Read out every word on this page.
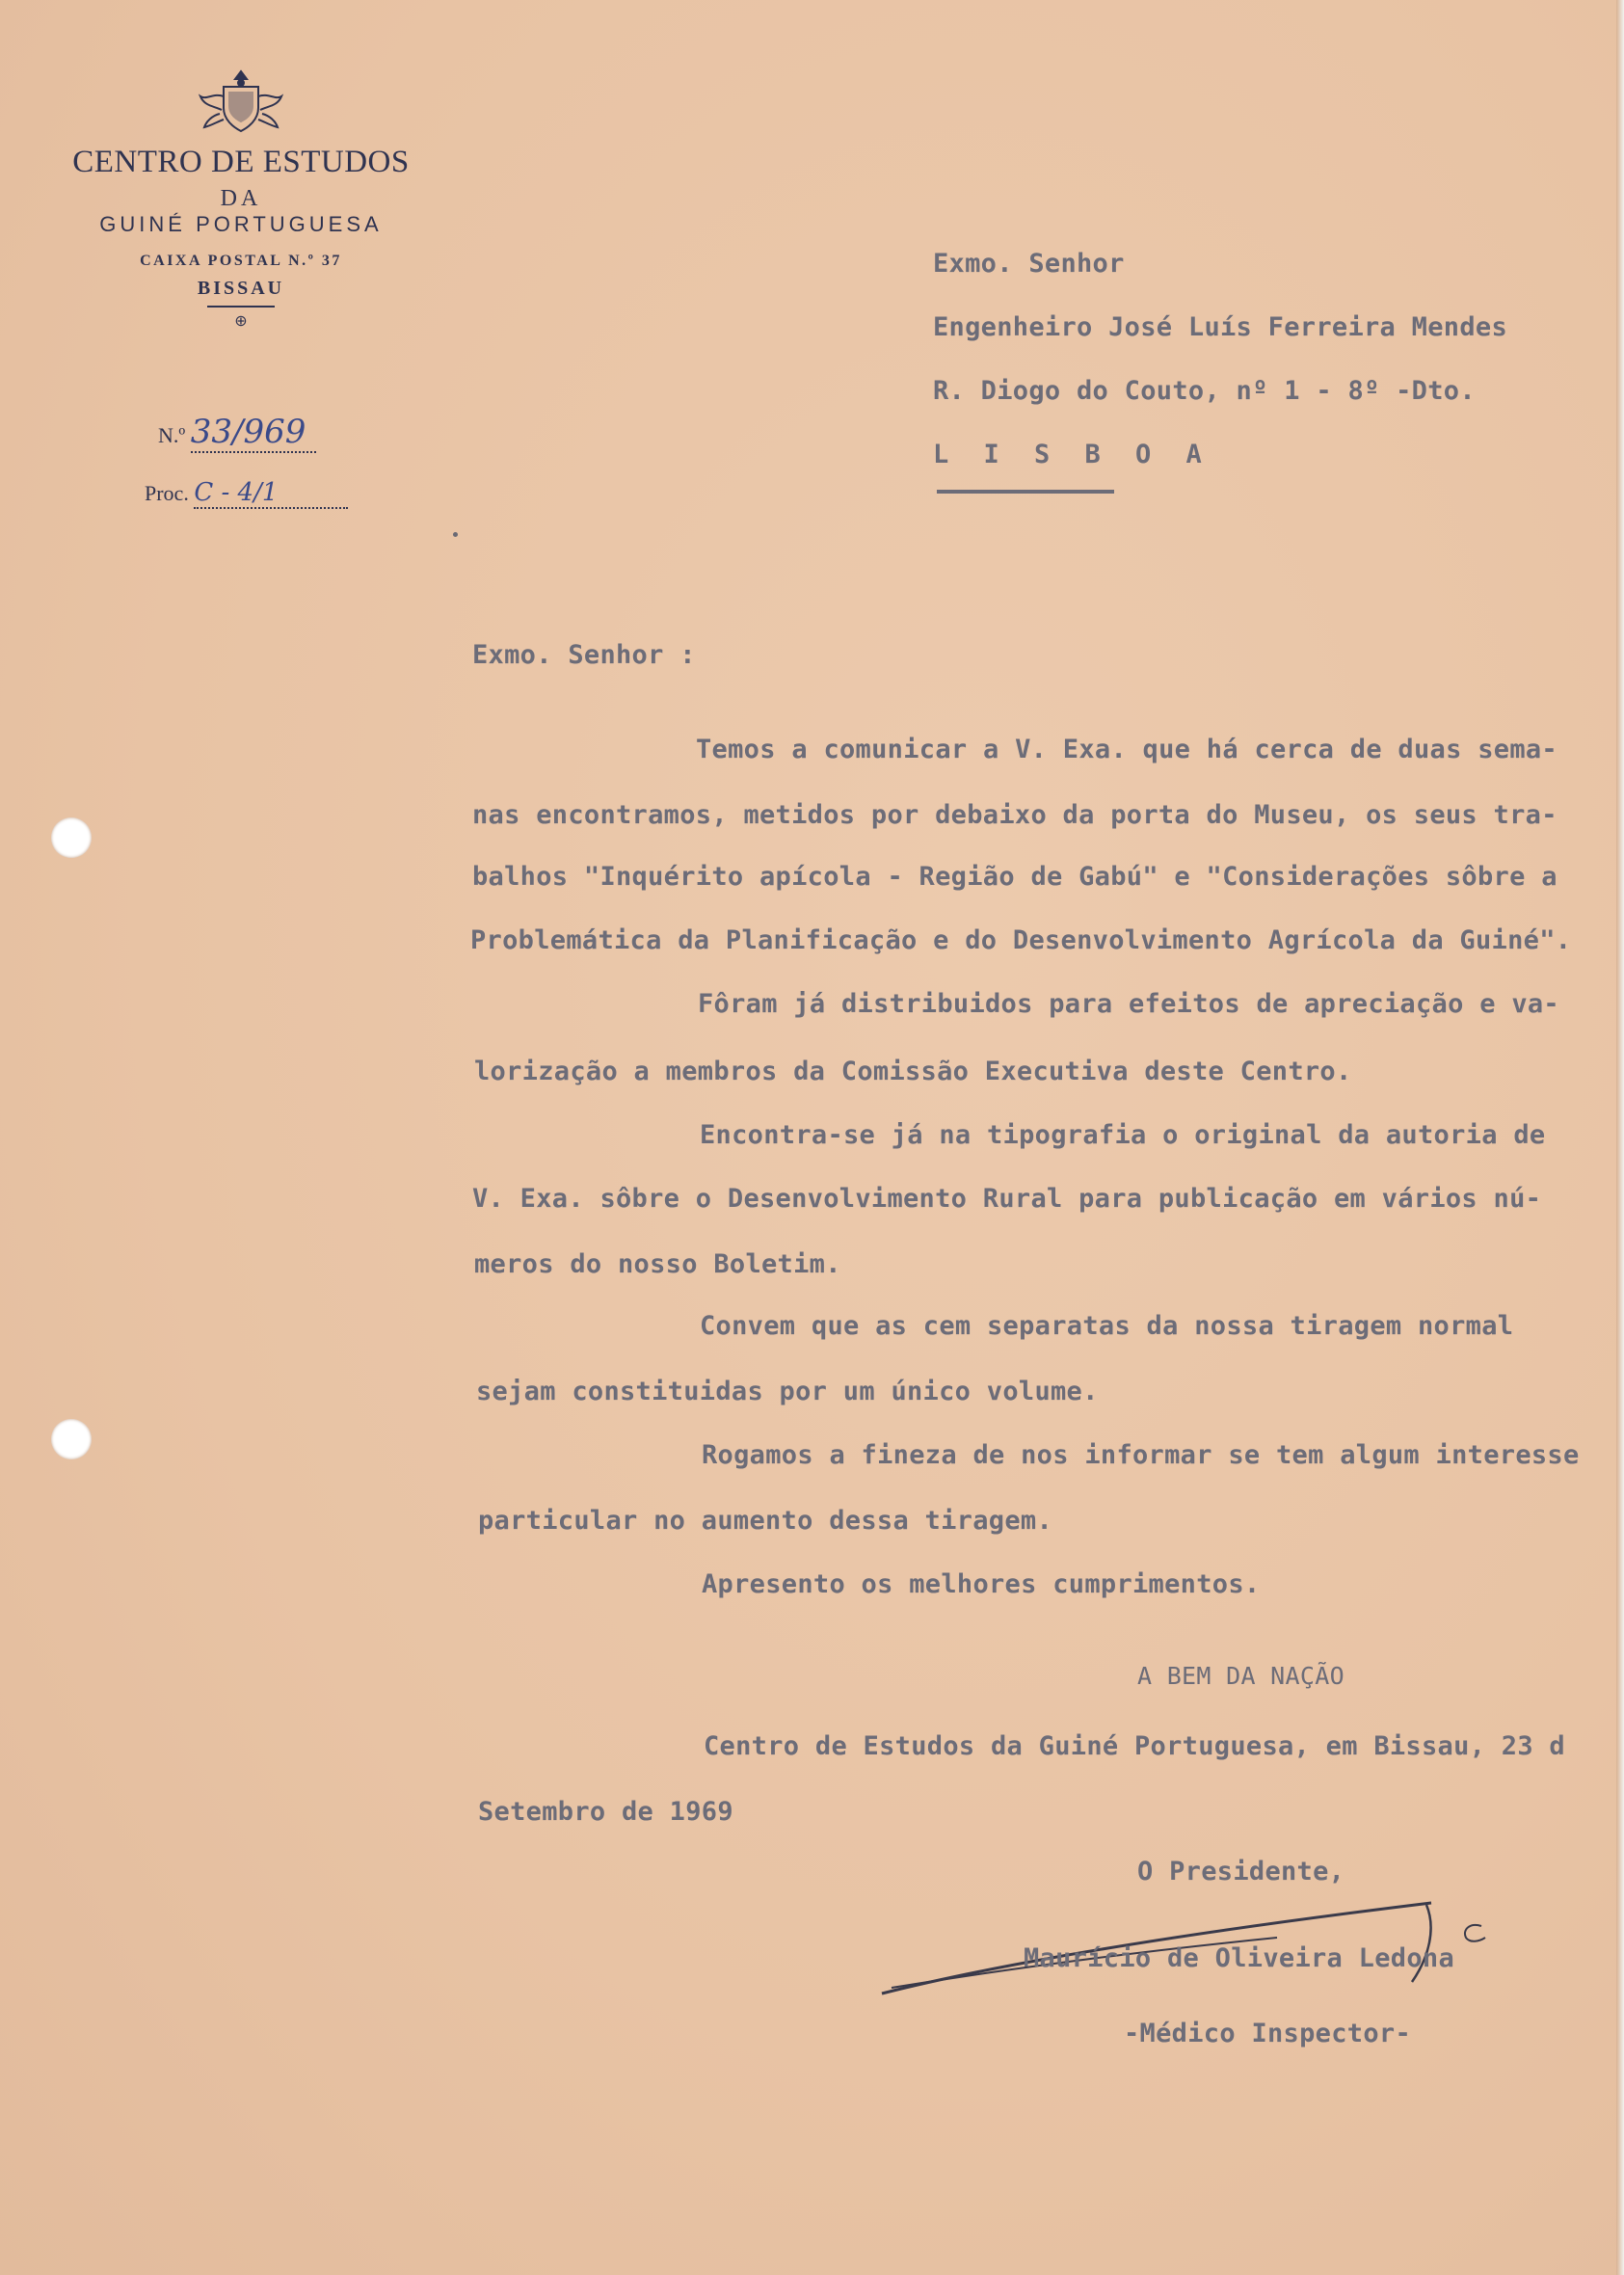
CENTRO DE ESTUDOS
DA
GUINÉ PORTUGUESA
CAIXA POSTAL N.º 37
BISSAU
⊕
N.º 33/969
Proc. C - 4/1
Exmo. Senhor
Engenheiro José Luís Ferreira Mendes
R. Diogo do Couto, nº 1 - 8º -Dto.
L I S B O A
Exmo. Senhor :
Temos a comunicar a V. Exa. que há cerca de duas sema-
nas encontramos, metidos por debaixo da porta do Museu, os seus tra-
balhos "Inquérito apícola - Região de Gabú" e "Considerações sôbre a
Problemática da Planificação e do Desenvolvimento Agrícola da Guiné".
Fôram já distribuidos para efeitos de apreciação e va-
lorização a membros da Comissão Executiva deste Centro.
Encontra-se já na tipografia o original da autoria de
V. Exa. sôbre o Desenvolvimento Rural para publicação em vários nú-
meros do nosso Boletim.
Convem que as cem separatas da nossa tiragem normal
sejam constituidas por um único volume.
Rogamos a fineza de nos informar se tem algum interesse
particular no aumento dessa tiragem.
Apresento os melhores cumprimentos.
A BEM DA NAÇÃO
Centro de Estudos da Guiné Portuguesa, em Bissau, 23 d
Setembro de 1969
O Presidente,
Maurício de Oliveira Ledona
-Médico Inspector-
